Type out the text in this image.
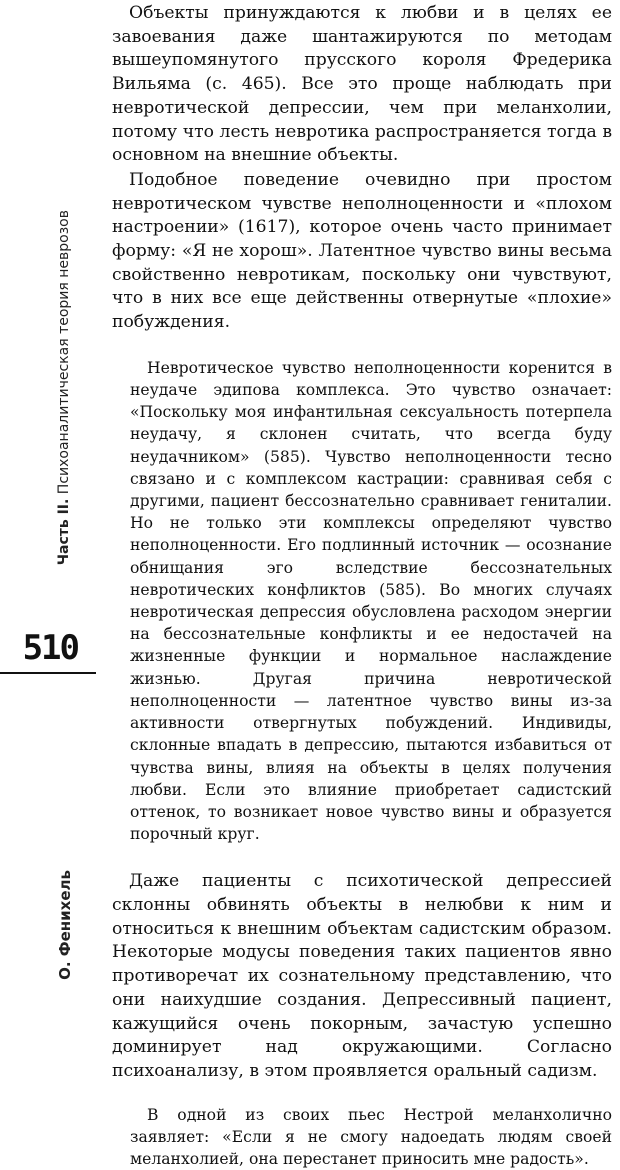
Часть II. Психоаналитическая теория неврозов
510
О. Фенихель

Объекты принуждаются к любви и в целях ее завоевания даже шантажируются по методам вышеупомянутого прусского короля Фредерика Вильяма (с. 465). Все это проще наблюдать при невротической депрессии, чем при меланхолии, потому что лесть невротика распространяется тогда в основном на внешние объекты.

Подобное поведение очевидно при простом невротическом чувстве неполноценности и «плохом настроении» (1617), которое очень часто принимает форму: «Я не хорош». Латентное чувство вины весьма свойственно невротикам, поскольку они чувствуют, что в них все еще действенны отвернутые «плохие» побуждения.

Невротическое чувство неполноценности коренится в неудаче эдипова комплекса. Это чувство означает: «Поскольку моя инфантильная сексуальность потерпела неудачу, я склонен считать, что всегда буду неудачником» (585). Чувство неполноценности тесно связано и с комплексом кастрации: сравнивая себя с другими, пациент бессознательно сравнивает гениталии. Но не только эти комплексы определяют чувство неполноценности. Его подлинный источник — осознание обнищания эго вследствие бессознательных невротических конфликтов (585). Во многих случаях невротическая депрессия обусловлена расходом энергии на бессознательные конфликты и ее недостачей на жизненные функции и нормальное наслаждение жизнью. Другая причина невротической неполноценности — латентное чувство вины из-за активности отвергнутых побуждений. Индивиды, склонные впадать в депрессию, пытаются избавиться от чувства вины, влияя на объекты в целях получения любви. Если это влияние приобретает садистский оттенок, то возникает новое чувство вины и образуется порочный круг.

Даже пациенты с психотической депрессией склонны обвинять объекты в нелюбви к ним и относиться к внешним объектам садистским образом. Некоторые модусы поведения таких пациентов явно противоречат их сознательному представлению, что они наихудшие создания. Депрессивный пациент, кажущийся очень покорным, зачастую успешно доминирует над окружающими. Согласно психоанализу, в этом проявляется оральный садизм.

В одной из своих пьес Нестрой меланхолично заявляет: «Если я не смогу надоедать людям своей меланхолией, она перестанет приносить мне радость».
